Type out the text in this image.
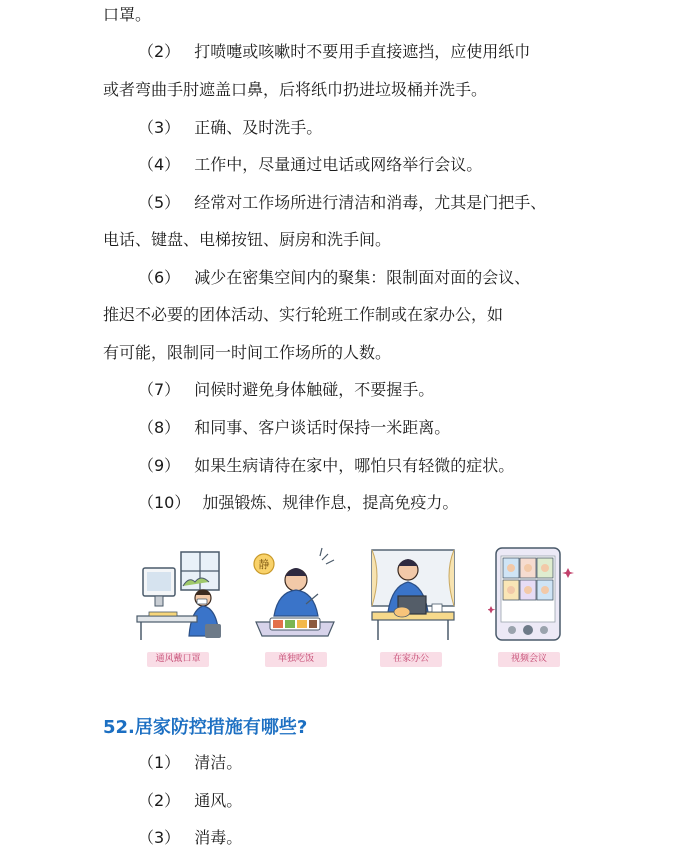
口罩。
（2） 打喷嚏或咳嗽时不要用手直接遮挡，应使用纸巾
或者弯曲手肘遮盖口鼻，后将纸巾扔进垃圾桶并洗手。
（3） 正确、及时洗手。
（4） 工作中，尽量通过电话或网络举行会议。
（5） 经常对工作场所进行清洁和消毒，尤其是门把手、
电话、键盘、电梯按钮、厨房和洗手间。
（6） 减少在密集空间内的聚集：限制面对面的会议、
推迟不必要的团体活动、实行轮班工作制或在家办公，如
有可能，限制同一时间工作场所的人数。
（7） 问候时避免身体触碰，不要握手。
（8） 和同事、客户谈话时保持一米距离。
（9） 如果生病请待在家中，哪怕只有轻微的症状。
（10） 加强锻炼、规律作息，提高免疫力。
静
通风戴口罩	单独吃饭	在家办公	视频会议
52.居家防控措施有哪些?
（1） 清洁。
（2） 通风。
（3） 消毒。
